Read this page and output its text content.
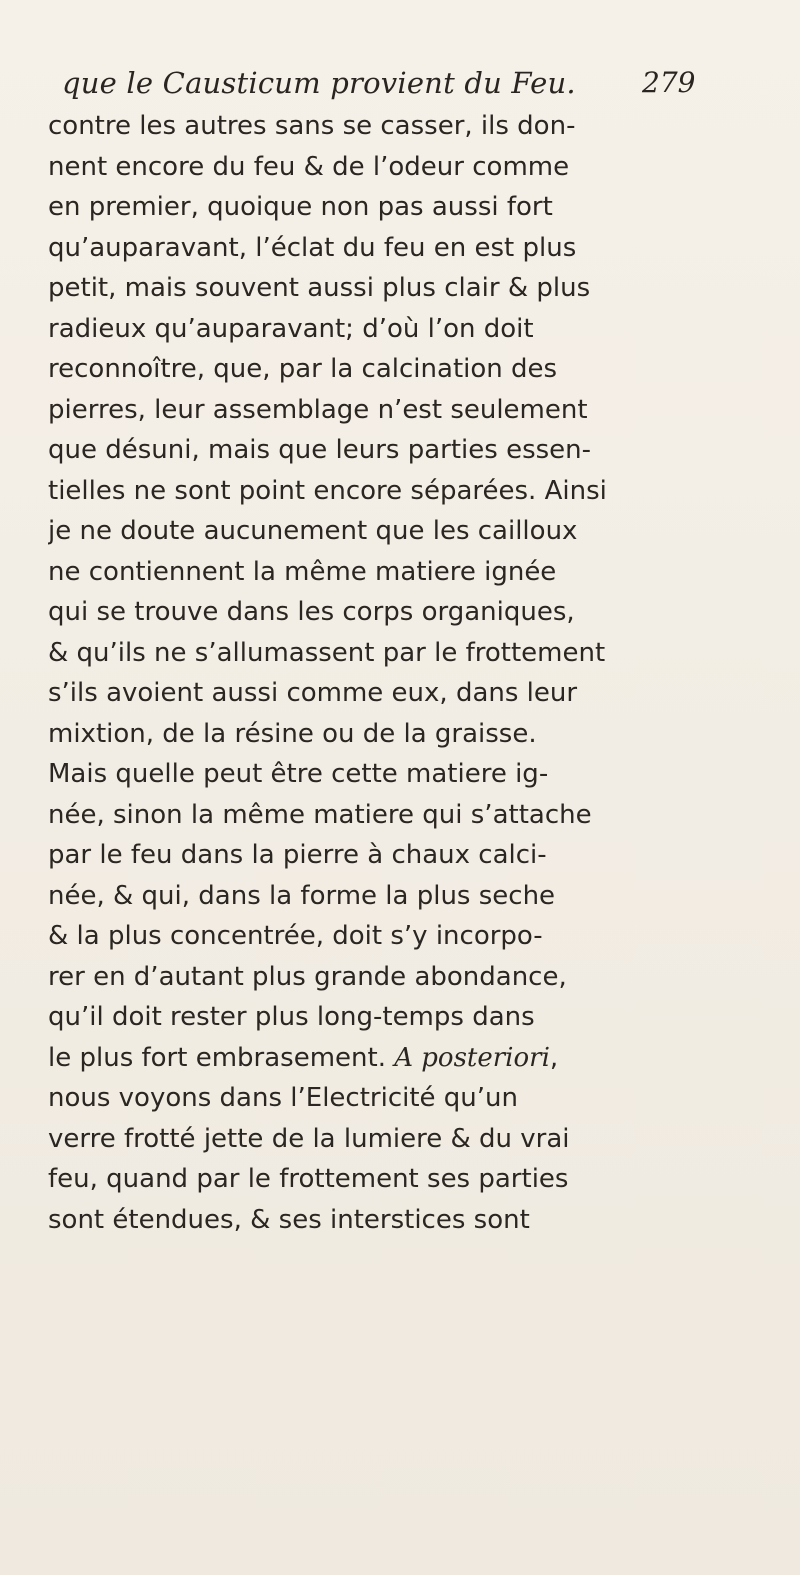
que le Causticum provient du Feu. 279
contre les autres sans se casser, ils don-
nent encore du feu & de l’odeur comme
en premier, quoique non pas aussi fort
qu’auparavant, l’éclat du feu en est plus
petit, mais souvent aussi plus clair & plus
radieux qu’auparavant; d’où l’on doit
reconnoître, que, par la calcination des
pierres, leur assemblage n’est seulement
que désuni, mais que leurs parties essen-
tielles ne sont point encore séparées. Ainsi
je ne doute aucunement que les cailloux
ne contiennent la même matiere ignée
qui se trouve dans les corps organiques,
& qu’ils ne s’allumassent par le frottement
s’ils avoient aussi comme eux, dans leur
mixtion, de la résine ou de la graisse.
Mais quelle peut être cette matiere ig-
née, sinon la même matiere qui s’attache
par le feu dans la pierre à chaux calci-
née, & qui, dans la forme la plus seche
& la plus concentrée, doit s’y incorpo-
rer en d’autant plus grande abondance,
qu’il doit rester plus long-temps dans
le plus fort embrasement. A posteriori,
nous voyons dans l’Electricité qu’un
verre frotté jette de la lumiere & du vrai
feu, quand par le frottement ses parties
sont étendues, & ses interstices sont
